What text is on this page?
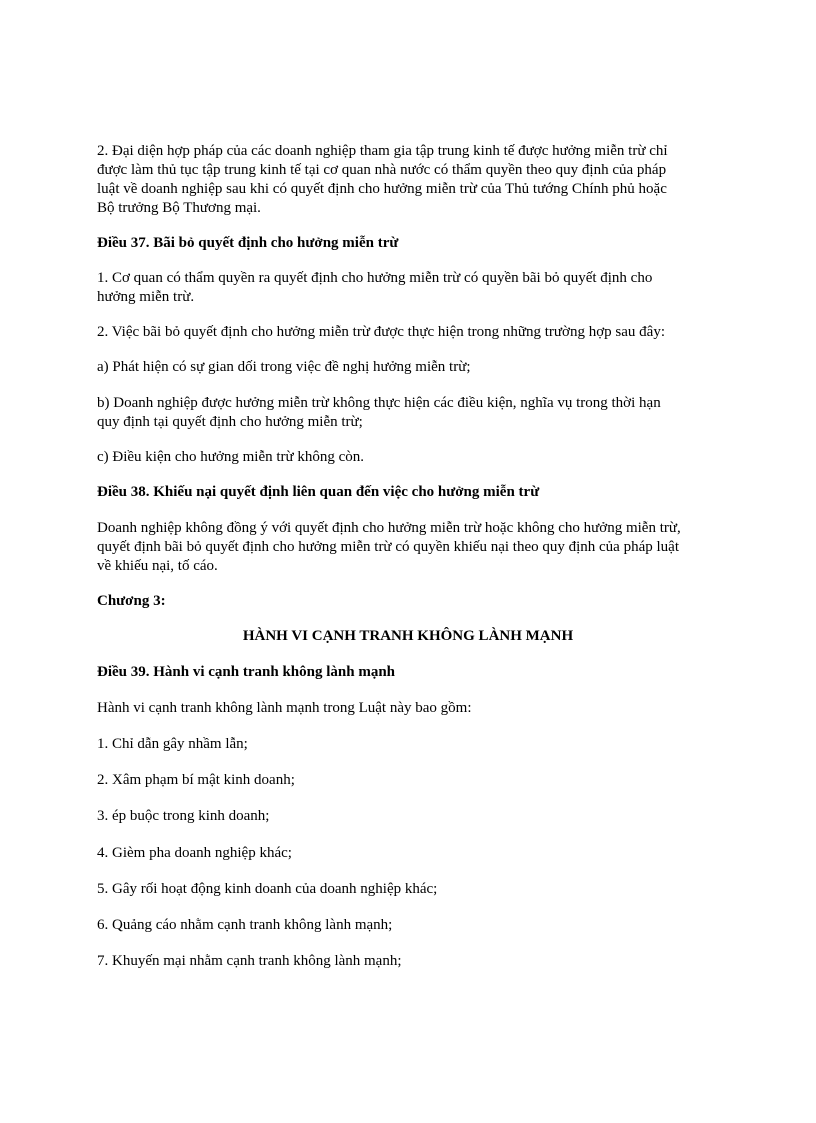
2. Đại diện hợp pháp của các doanh nghiệp tham gia tập trung kinh tế được hưởng miễn trừ chỉ
được làm thủ tục tập trung kinh tế tại cơ quan nhà nước có thẩm quyền theo quy định của pháp
luật về doanh nghiệp sau khi có quyết định cho hưởng miễn trừ của Thủ tướng Chính phủ hoặc
Bộ trưởng Bộ Thương mại.
Điều 37. Bãi bỏ quyết định cho hưởng miễn trừ
1. Cơ quan có thẩm quyền ra quyết định cho hưởng miễn trừ có quyền bãi bỏ quyết định cho
hưởng miễn trừ.
2. Việc bãi bỏ quyết định cho hưởng miễn trừ được thực hiện trong những trường hợp sau đây:
a) Phát hiện có sự gian dối trong việc đề nghị hưởng miễn trừ;
b) Doanh nghiệp được hưởng miễn trừ không thực hiện các điều kiện, nghĩa vụ trong thời hạn
quy định tại quyết định cho hưởng miễn trừ;
c) Điều kiện cho hưởng miễn trừ không còn.
Điều 38. Khiếu nại quyết định liên quan đến việc cho hưởng miễn trừ
Doanh nghiệp không đồng ý với quyết định cho hưởng miễn trừ hoặc không cho hưởng miễn trừ,
quyết định bãi bỏ quyết định cho hưởng miễn trừ có quyền khiếu nại theo quy định của pháp luật
về khiếu nại, tố cáo.
Chương 3:
HÀNH VI CẠNH TRANH KHÔNG LÀNH MẠNH
Điều 39. Hành vi cạnh tranh không lành mạnh
Hành vi cạnh tranh không lành mạnh trong Luật này bao gồm:
1. Chỉ dẫn gây nhầm lẫn;
2. Xâm phạm bí mật kinh doanh;
3. ép buộc trong kinh doanh;
4. Gièm pha doanh nghiệp khác;
5. Gây rối hoạt động kinh doanh của doanh nghiệp khác;
6. Quảng cáo nhằm cạnh tranh không lành mạnh;
7. Khuyến mại nhằm cạnh tranh không lành mạnh;
